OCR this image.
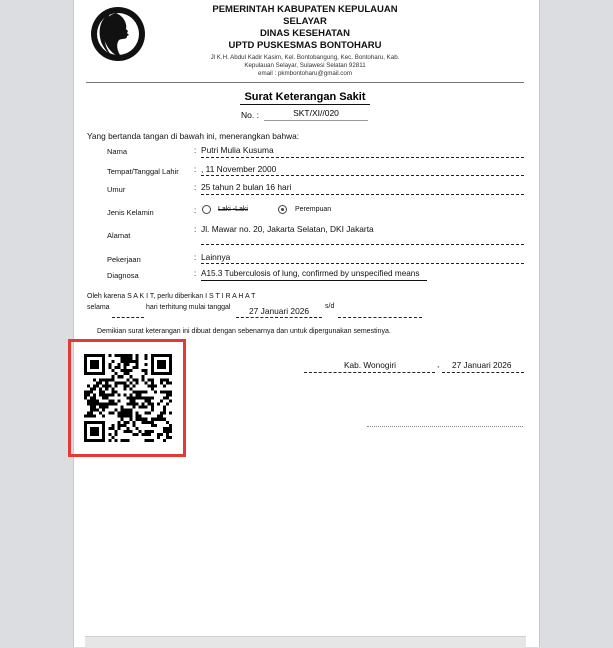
PEMERINTAH KABUPATEN KEPULAUAN
SELAYAR
DINAS KESEHATAN
UPTD PUSKESMAS BONTOHARU
Jl K.H. Abdul Kadir Kasim, Kel. Bontobangung, Kec. Bontoharu, Kab.
Kepulauan Selayar, Sulawesi Selatan 92811
email : pkmbontoharu@gmail.com
Surat Keterangan Sakit
No. :	SKT/XI//020
Yang bertanda tangan di bawah ini, menerangkan bahwa:
Nama	: Putri Mulia Kusuma
Tempat/Tanggal Lahir : , 11 November 2000
Umur	: 25 tahun 2 bulan 16 hari
Jenis Kelamin	:	Laki -Laki	Perempuan
Alamat
: Jl. Mawar no. 20, Jakarta Selatan, DKI Jakarta
Pekerjaan	: Lainnya
Diagnosa	: A15.3 Tuberculosis of lung, confirmed by unspecified means
Oleh karena S A K I T, perlu diberikan I S T I R A H A T
selama	hari terhitung mulai tanggal 27 Januari 2026 s/d
Demikian surat keterangan ini dibuat dengan sebenarnya dan untuk dipergunakan semestinya.
Kab. Wonogiri	, 27 Januari 2026
